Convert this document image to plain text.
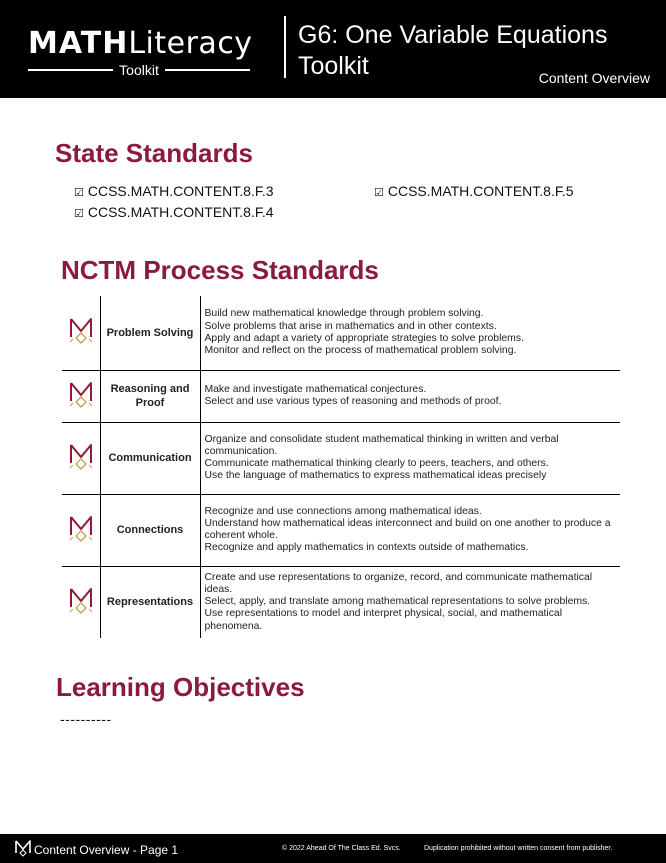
MATHLiteracy
Toolkit
G6: One Variable Equations
Toolkit	Content Overview
State Standards
☑ CCSS.MATH.CONTENT.8.F.3
☑ CCSS.MATH.CONTENT.8.F.4
☑ CCSS.MATH.CONTENT.8.F.5
NCTM Process Standards
	Problem Solving	Build new mathematical knowledge through problem solving.
Solve problems that arise in mathematics and in other contexts.
Apply and adapt a variety of appropriate strategies to solve problems.
Monitor and reflect on the process of mathematical problem solving.

	Reasoning and Proof	Make and investigate mathematical conjectures.
Select and use various types of reasoning and methods of proof.

	Communication	Organize and consolidate student mathematical thinking in written and verbal communication.
Communicate mathematical thinking clearly to peers, teachers, and others.
Use the language of mathematics to express mathematical ideas precisely

	Connections	Recognize and use connections among mathematical ideas.
Understand how mathematical ideas interconnect and build on one another to produce a coherent whole.
Recognize and apply mathematics in contexts outside of mathematics.

	Representations	Create and use representations to organize, record, and communicate mathematical ideas.
Select, apply, and translate among mathematical representations to solve problems.
Use representations to model and interpret physical, social, and mathematical phenomena.
Learning Objectives
----------
Content Overview - Page 1	© 2022 Ahead Of The Class Ed. Svcs.	Duplication prohibited without written consent from publisher.
